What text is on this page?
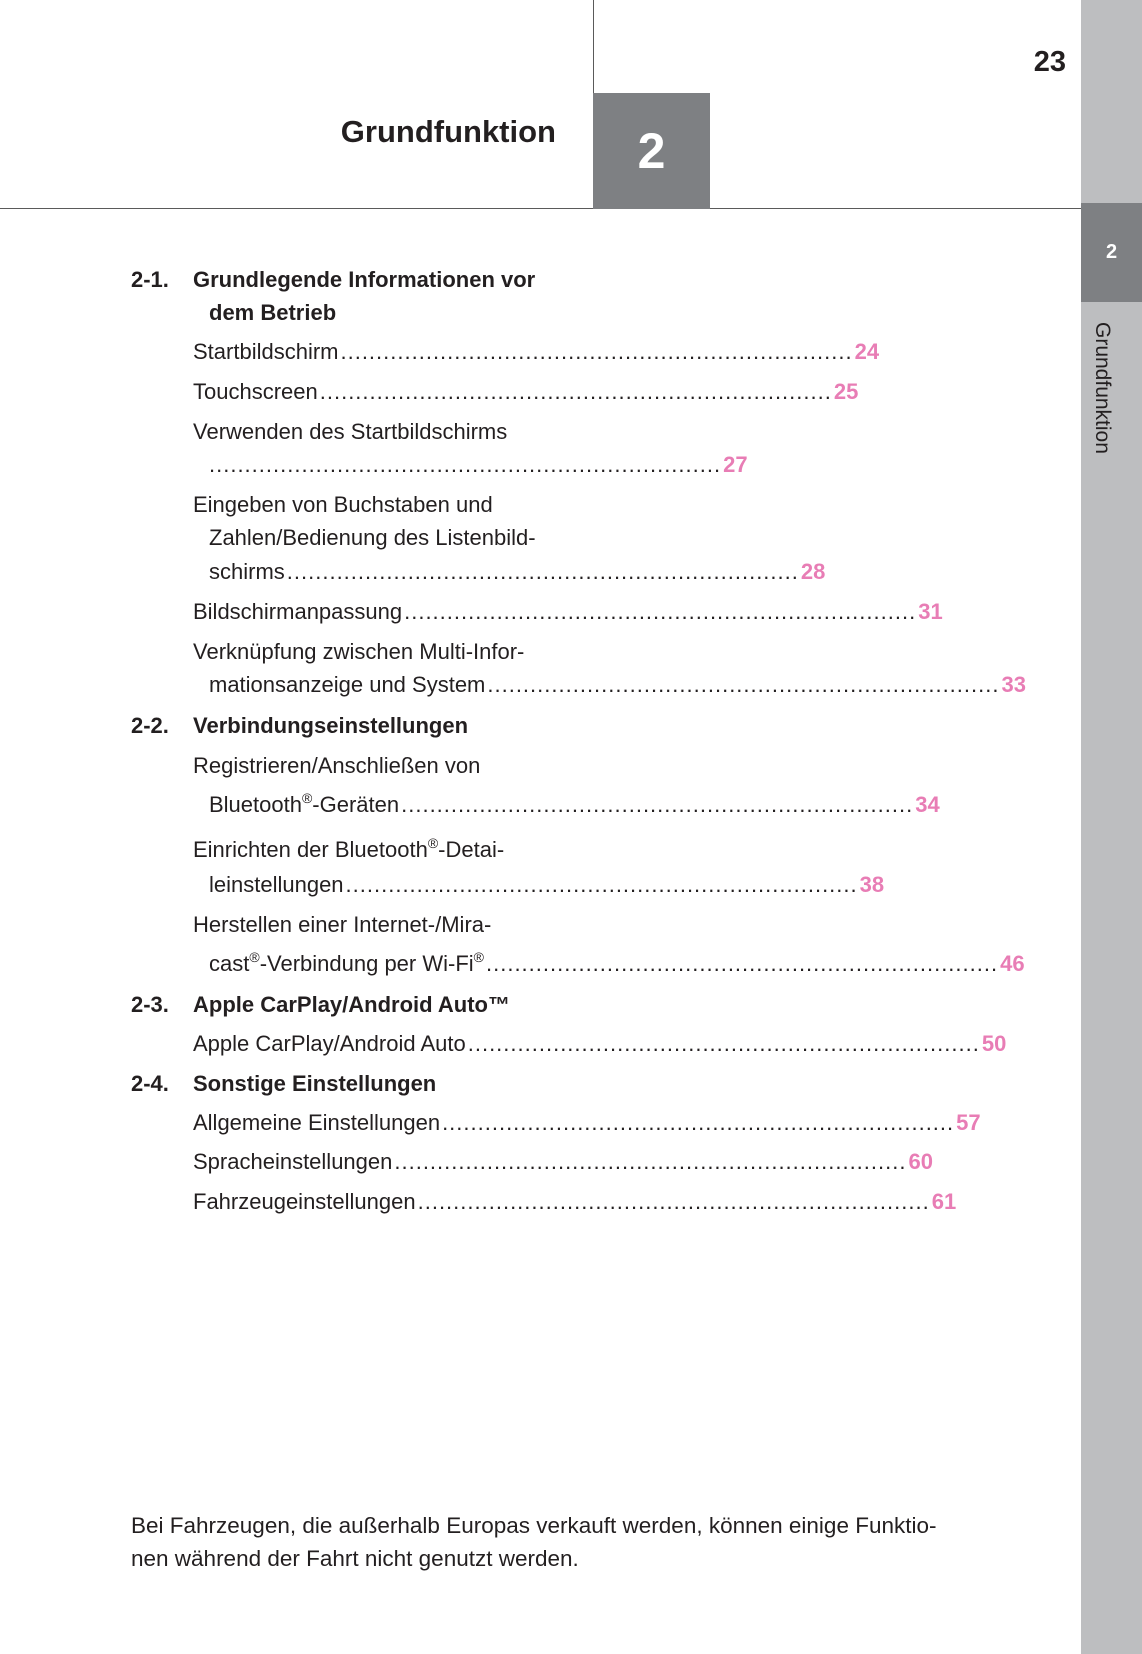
Grundfunktion 2
23
2
Grundfunktion
2-1. Grundlegende Informationen vor
dem Betrieb
Startbildschirm ........................................................................ 24
Touchscreen ........................................................................ 25
Verwenden des Startbildschirms
........................................................................ 27
Eingeben von Buchstaben und
Zahlen/Bedienung des Listenbild-
schirms ........................................................................ 28
Bildschirmanpassung ........................................................................ 31
Verknüpfung zwischen Multi-Infor-
mationsanzeige und System ........................................................................ 33
2-2. Verbindungseinstellungen
Registrieren/Anschließen von
Bluetooth®-Geräten ........................................................................ 34
Einrichten der Bluetooth®-Detai-
leinstellungen ........................................................................ 38
Herstellen einer Internet-/Mira-
cast®-Verbindung per Wi-Fi® ........................................................................ 46
2-3. Apple CarPlay/Android Auto™
Apple CarPlay/Android Auto ........................................................................ 50
2-4. Sonstige Einstellungen
Allgemeine Einstellungen ........................................................................ 57
Spracheinstellungen ........................................................................ 60
Fahrzeugeinstellungen ........................................................................ 61
Bei Fahrzeugen, die außerhalb Europas verkauft werden, können einige Funktio-
nen während der Fahrt nicht genutzt werden.
